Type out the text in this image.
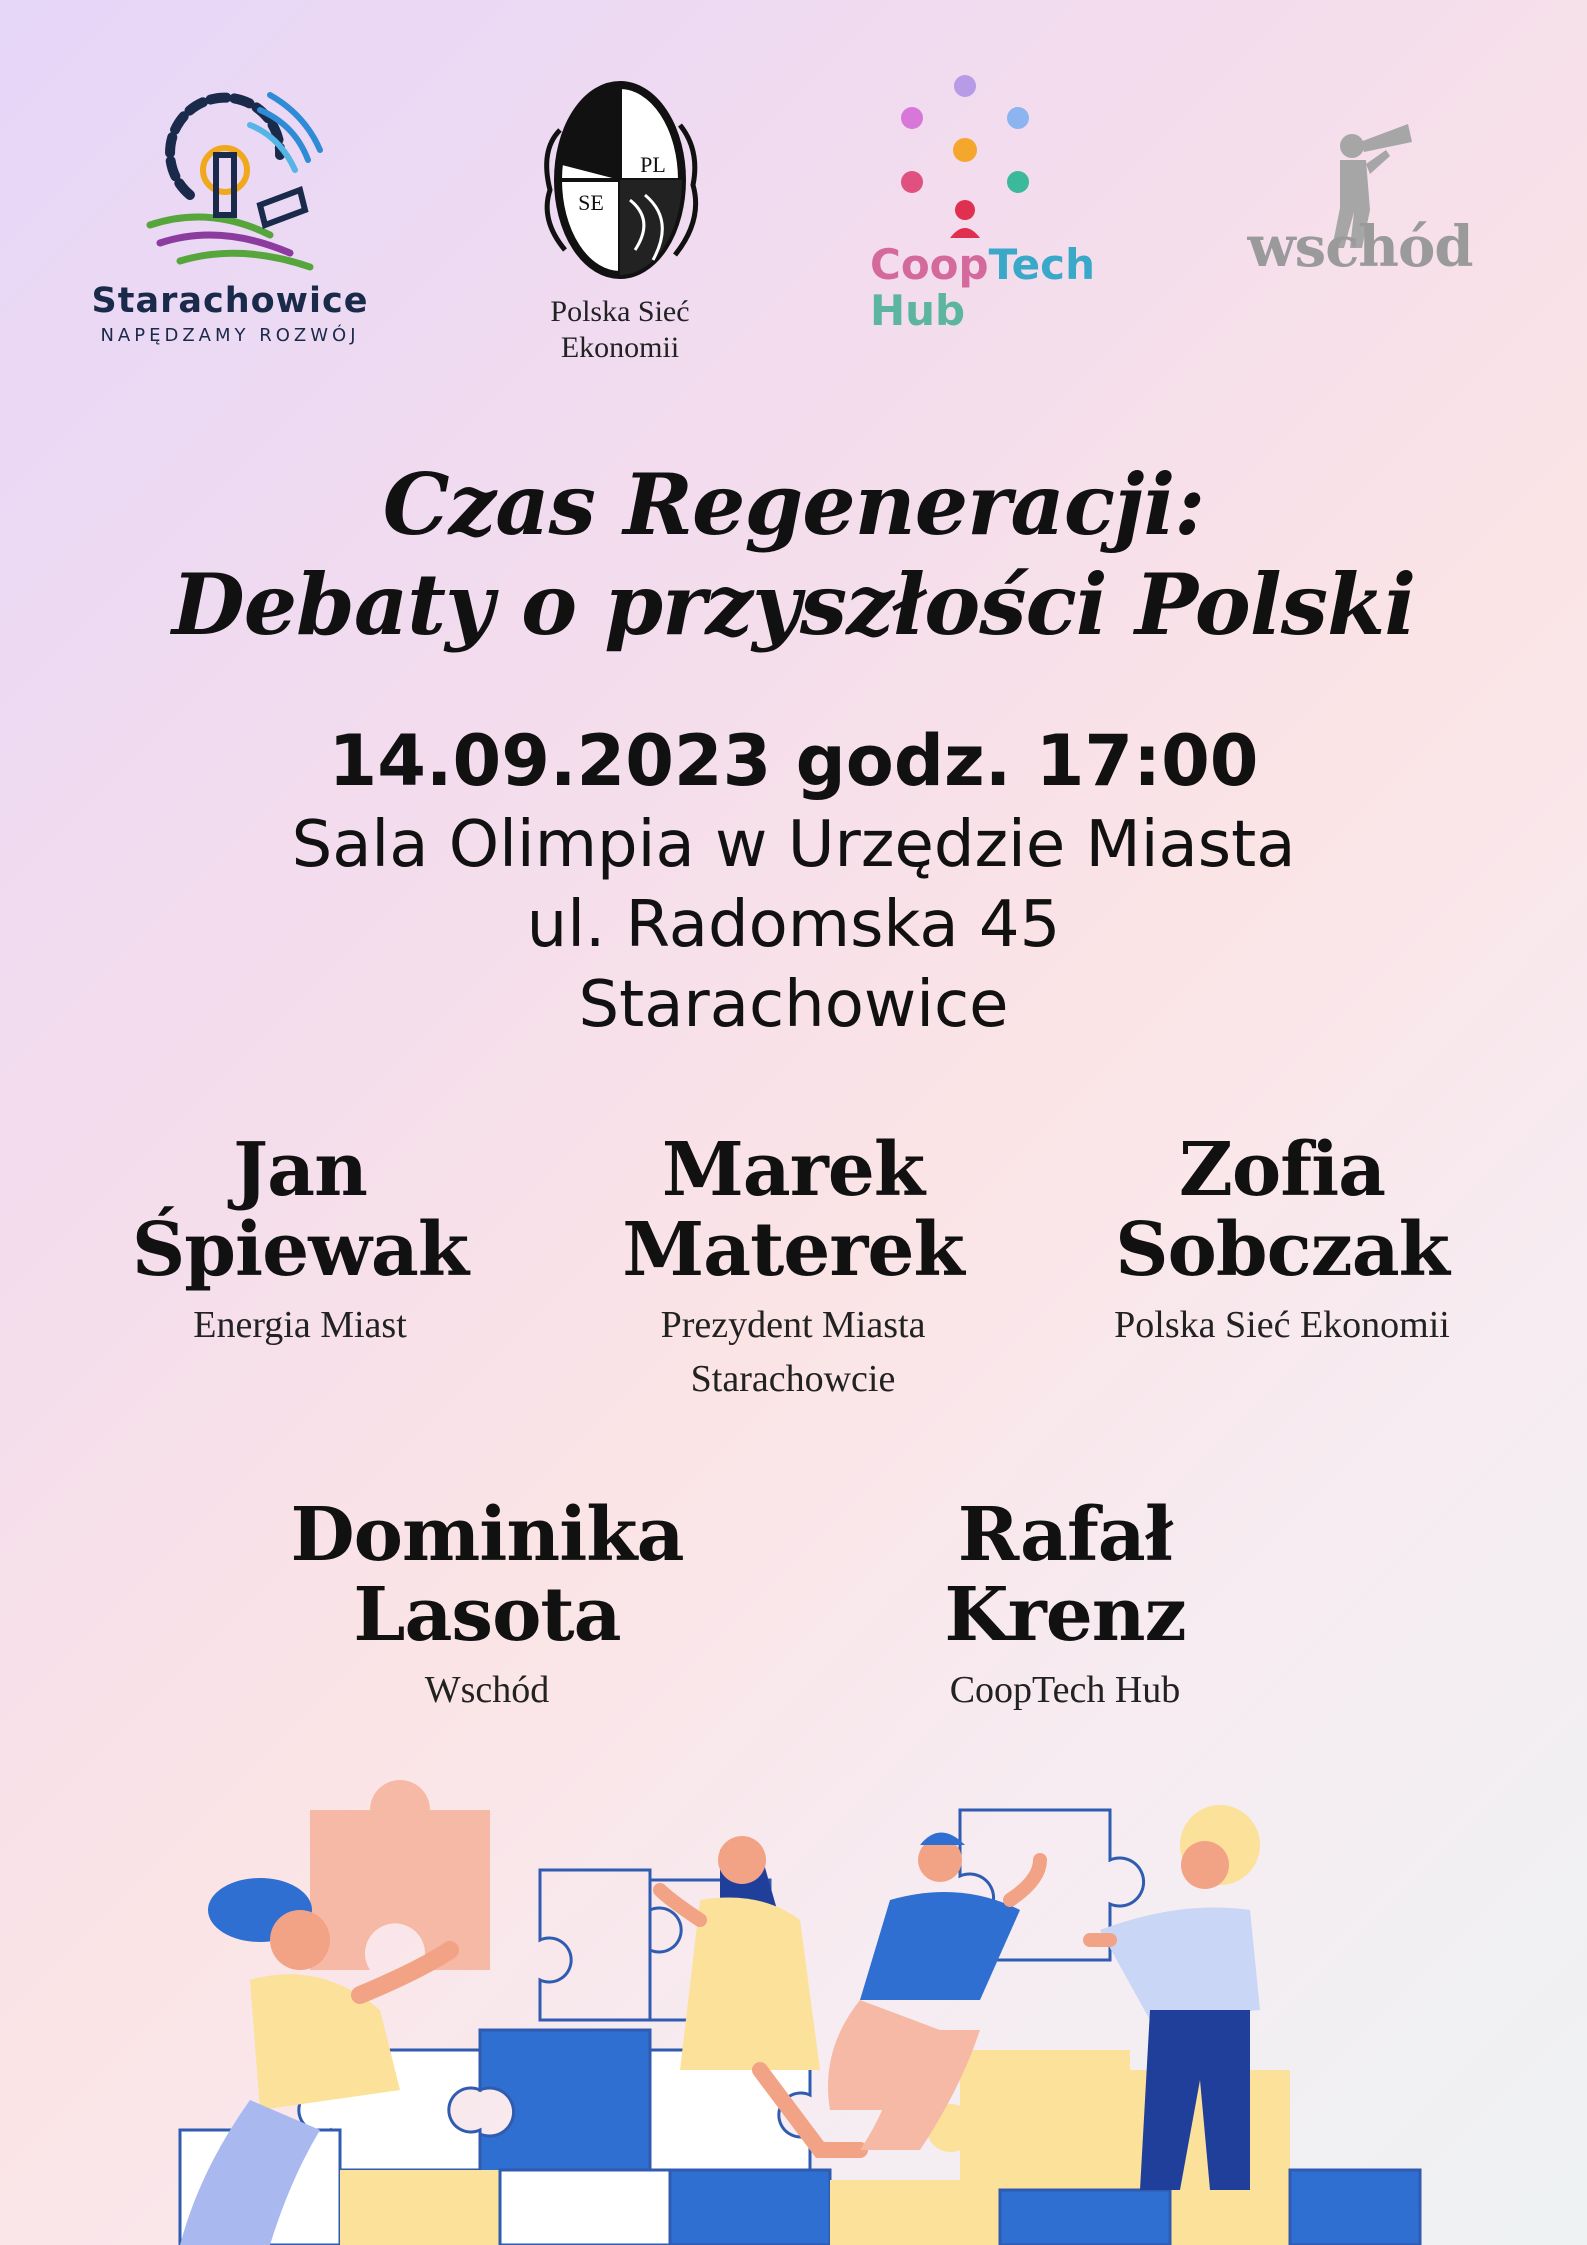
Starachowice
NAPĘDZAMY ROZWÓJ
PL
SE
Polska Sieć
Ekonomii
CoopTech
Hub
wschód
Czas Regeneracji:
Debaty o przyszłości Polski
14.09.2023 godz. 17:00
Sala Olimpia w Urzędzie Miasta
ul. Radomska 45
Starachowice
Jan
Śpiewak
Energia Miast
Marek
Materek
Prezydent Miasta
Starachowcie
Zofia
Sobczak
Polska Sieć Ekonomii
Dominika
Lasota
Wschód
Rafał
Krenz
CoopTech Hub
